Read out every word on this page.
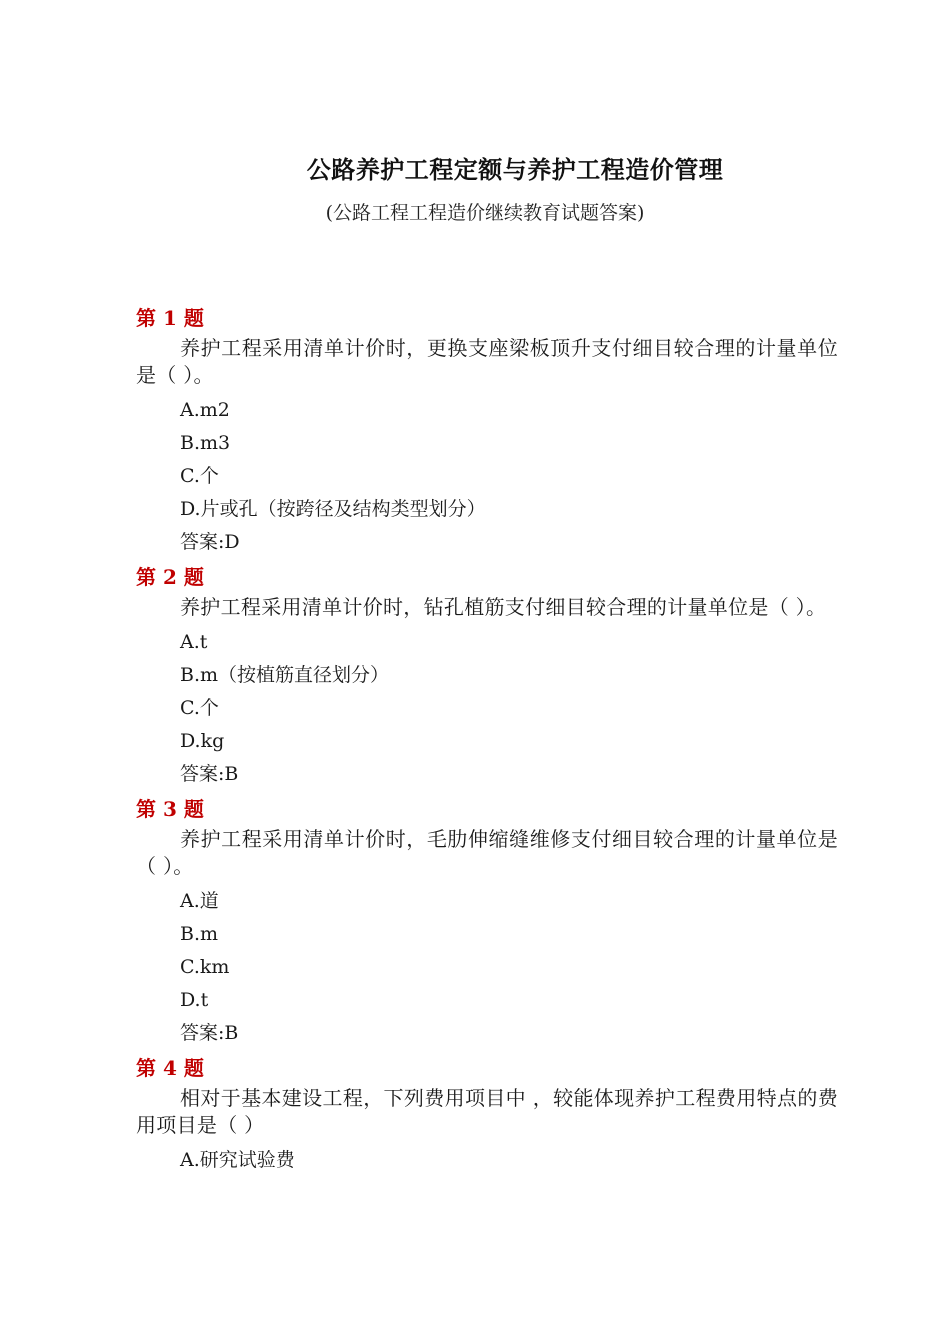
公路养护工程定额与养护工程造价管理
(公路工程工程造价继续教育试题答案)
第 1 题
养护工程采用清单计价时，更换支座梁板顶升支付细目较合理的计量单位是（ ）。
A.m2
B.m3
C.个
D.片或孔（按跨径及结构类型划分）
答案:D
第 2 题
养护工程采用清单计价时，钻孔植筋支付细目较合理的计量单位是（ ）。
A.t
B.m（按植筋直径划分）
C.个
D.kg
答案:B
第 3 题
养护工程采用清单计价时，毛肋伸缩缝维修支付细目较合理的计量单位是（ ）。
A.道
B.m
C.km
D.t
答案:B
第 4 题
相对于基本建设工程，下列费用项目中 ，较能体现养护工程费用特点的费用项目是（ ）
A.研究试验费
